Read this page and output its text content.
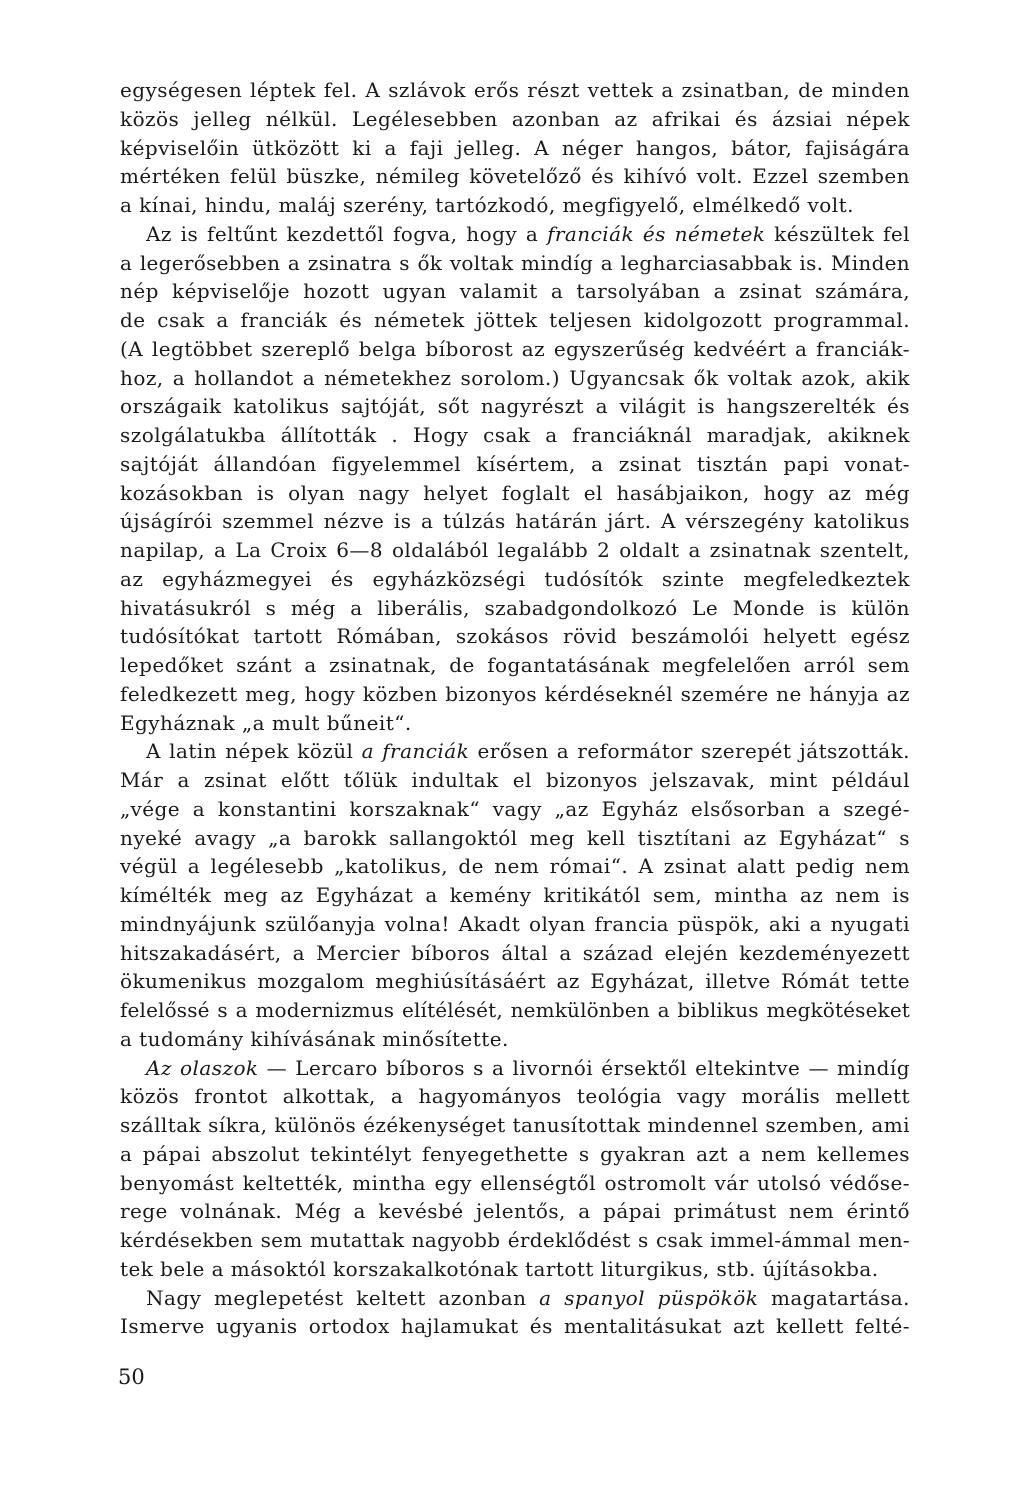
egységesen léptek fel. A szlávok erős részt vettek a zsinatban, de minden
közös jelleg nélkül. Legélesebben azonban az afrikai és ázsiai népek
képviselőin ütközött ki a faji jelleg. A néger hangos, bátor, fajiságára
mértéken felül büszke, némileg követelőző és kihívó volt. Ezzel szemben
a kínai, hindu, maláj szerény, tartózkodó, megfigyelő, elmélkedő volt.
Az is feltűnt kezdettől fogva, hogy a franciák és németek készültek fel
a legerősebben a zsinatra s ők voltak mindíg a legharciasabbak is. Minden
nép képviselője hozott ugyan valamit a tarsolyában a zsinat számára,
de csak a franciák és németek jöttek teljesen kidolgozott programmal.
(A legtöbbet szereplő belga bíborost az egyszerűség kedvéért a franciák-
hoz, a hollandot a németekhez sorolom.) Ugyancsak ők voltak azok, akik
országaik katolikus sajtóját, sőt nagyrészt a világit is hangszerelték és
szolgálatukba állították . Hogy csak a franciáknál maradjak, akiknek
sajtóját állandóan figyelemmel kísértem, a zsinat tisztán papi vonat-
kozásokban is olyan nagy helyet foglalt el hasábjaikon, hogy az még
újságírói szemmel nézve is a túlzás határán járt. A vérszegény katolikus
napilap, a La Croix 6—8 oldalából legalább 2 oldalt a zsinatnak szentelt,
az egyházmegyei és egyházközségi tudósítók szinte megfeledkeztek
hivatásukról s még a liberális, szabadgondolkozó Le Monde is külön
tudósítókat tartott Rómában, szokásos rövid beszámolói helyett egész
lepedőket szánt a zsinatnak, de fogantatásának megfelelően arról sem
feledkezett meg, hogy közben bizonyos kérdéseknél szemére ne hányja az
Egyháznak „a mult bűneit“.
A latin népek közül a franciák erősen a reformátor szerepét játszották.
Már a zsinat előtt tőlük indultak el bizonyos jelszavak, mint például
„vége a konstantini korszaknak“ vagy „az Egyház elsősorban a szegé-
nyeké avagy „a barokk sallangoktól meg kell tisztítani az Egyházat“ s
végül a legélesebb „katolikus, de nem római“. A zsinat alatt pedig nem
kímélték meg az Egyházat a kemény kritikától sem, mintha az nem is
mindnyájunk szülőanyja volna! Akadt olyan francia püspök, aki a nyugati
hitszakadásért, a Mercier bíboros által a század elején kezdeményezett
ökumenikus mozgalom meghiúsításáért az Egyházat, illetve Rómát tette
felelőssé s a modernizmus elítélését, nemkülönben a biblikus megkötéseket
a tudomány kihívásának minősítette.
Az olaszok — Lercaro bíboros s a livornói érsektől eltekintve — mindíg
közös frontot alkottak, a hagyományos teológia vagy morális mellett
szálltak síkra, különös ézékenységet tanusítottak mindennel szemben, ami
a pápai abszolut tekintélyt fenyegethette s gyakran azt a nem kellemes
benyomást keltették, mintha egy ellenségtől ostromolt vár utolsó védőse-
rege volnának. Még a kevésbé jelentős, a pápai primátust nem érintő
kérdésekben sem mutattak nagyobb érdeklődést s csak immel-ámmal men-
tek bele a másoktól korszakalkotónak tartott liturgikus, stb. újításokba.
Nagy meglepetést keltett azonban a spanyol püspökök magatartása.
Ismerve ugyanis ortodox hajlamukat és mentalitásukat azt kellett felté-
50
